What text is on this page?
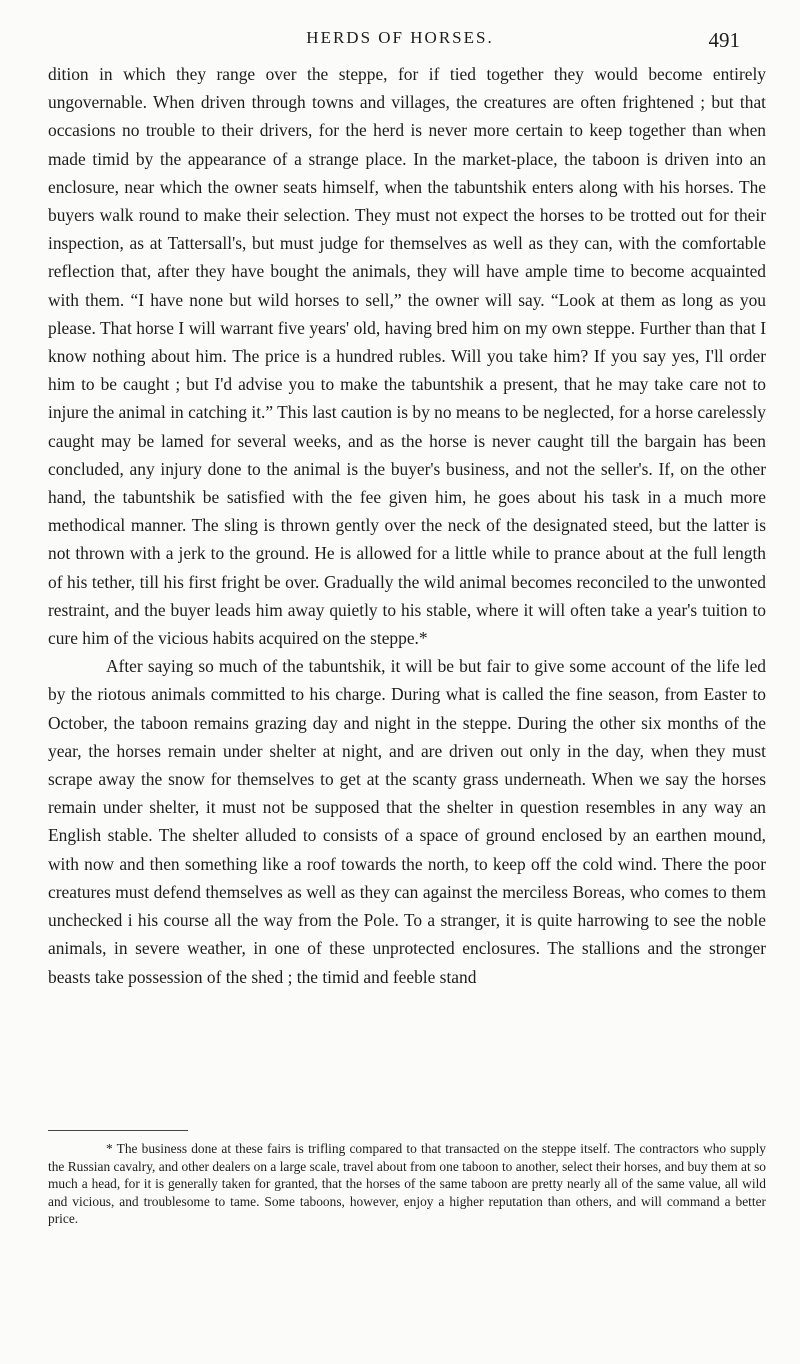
HERDS OF HORSES.	491

dition in which they range over the steppe, for if tied together they would become entirely ungovernable. When driven through towns and villages, the creatures are often frightened ; but that occasions no trouble to their drivers, for the herd is never more certain to keep together than when made timid by the appearance of a strange place. In the market-place, the taboon is driven into an enclosure, near which the owner seats himself, when the tabuntshik enters along with his horses. The buyers walk round to make their selection. They must not expect the horses to be trotted out for their inspection, as at Tattersall's, but must judge for themselves as well as they can, with the comfortable reflection that, after they have bought the animals, they will have ample time to become acquainted with them. “I have none but wild horses to sell,” the owner will say. “Look at them as long as you please. That horse I will warrant five years' old, having bred him on my own steppe. Further than that I know nothing about him. The price is a hundred rubles. Will you take him? If you say yes, I'll order him to be caught ; but I'd advise you to make the tabuntshik a present, that he may take care not to injure the animal in catching it.” This last caution is by no means to be neglected, for a horse carelessly caught may be lamed for several weeks, and as the horse is never caught till the bargain has been concluded, any injury done to the animal is the buyer's business, and not the seller's. If, on the other hand, the tabuntshik be satisfied with the fee given him, he goes about his task in a much more methodical manner. The sling is thrown gently over the neck of the designated steed, but the latter is not thrown with a jerk to the ground. He is allowed for a little while to prance about at the full length of his tether, till his first fright be over. Gradually the wild animal becomes reconciled to the unwonted restraint, and the buyer leads him away quietly to his stable, where it will often take a year's tuition to cure him of the vicious habits acquired on the steppe.*

After saying so much of the tabuntshik, it will be but fair to give some account of the life led by the riotous animals committed to his charge. During what is called the fine season, from Easter to October, the taboon remains grazing day and night in the steppe. During the other six months of the year, the horses remain under shelter at night, and are driven out only in the day, when they must scrape away the snow for themselves to get at the scanty grass underneath. When we say the horses remain under shelter, it must not be supposed that the shelter in question resembles in any way an English stable. The shelter alluded to consists of a space of ground enclosed by an earthen mound, with now and then something like a roof towards the north, to keep off the cold wind. There the poor creatures must defend themselves as well as they can against the merciless Boreas, who comes to them unchecked i his course all the way from the Pole. To a stranger, it is quite harrowing to see the noble animals, in severe weather, in one of these unprotected enclosures. The stallions and the stronger beasts take possession of the shed ; the timid and feeble stand

* The business done at these fairs is trifling compared to that transacted on the steppe itself. The contractors who supply the Russian cavalry, and other dealers on a large scale, travel about from one taboon to another, select their horses, and buy them at so much a head, for it is generally taken for granted, that the horses of the same taboon are pretty nearly all of the same value, all wild and vicious, and troublesome to tame. Some taboons, however, enjoy a higher reputation than others, and will command a better price.
